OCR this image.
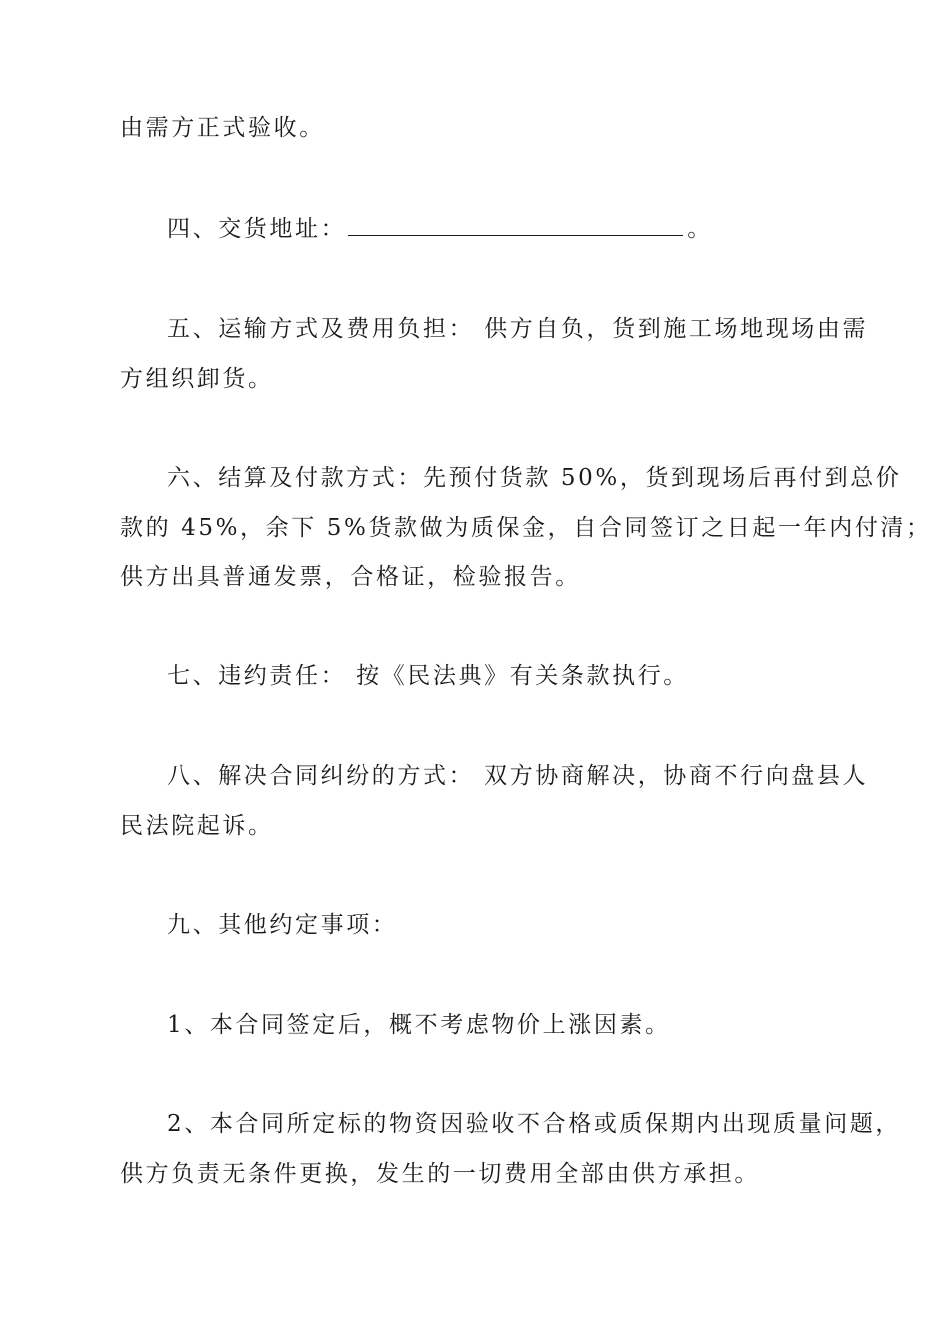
由需方正式验收。
四、交货地址：	。
五、运输方式及费用负担： 供方自负，货到施工场地现场由需
方组织卸货。
六、结算及付款方式：先预付货款 50%，货到现场后再付到总价
款的 45%，余下 5%货款做为质保金，自合同签订之日起一年内付清；
供方出具普通发票，合格证，检验报告。
七、违约责任： 按《民法典》有关条款执行。
八、解决合同纠纷的方式： 双方协商解决，协商不行向盘县人
民法院起诉。
九、其他约定事项：
1、本合同签定后，概不考虑物价上涨因素。
2、本合同所定标的物资因验收不合格或质保期内出现质量问题，
供方负责无条件更换，发生的一切费用全部由供方承担。
